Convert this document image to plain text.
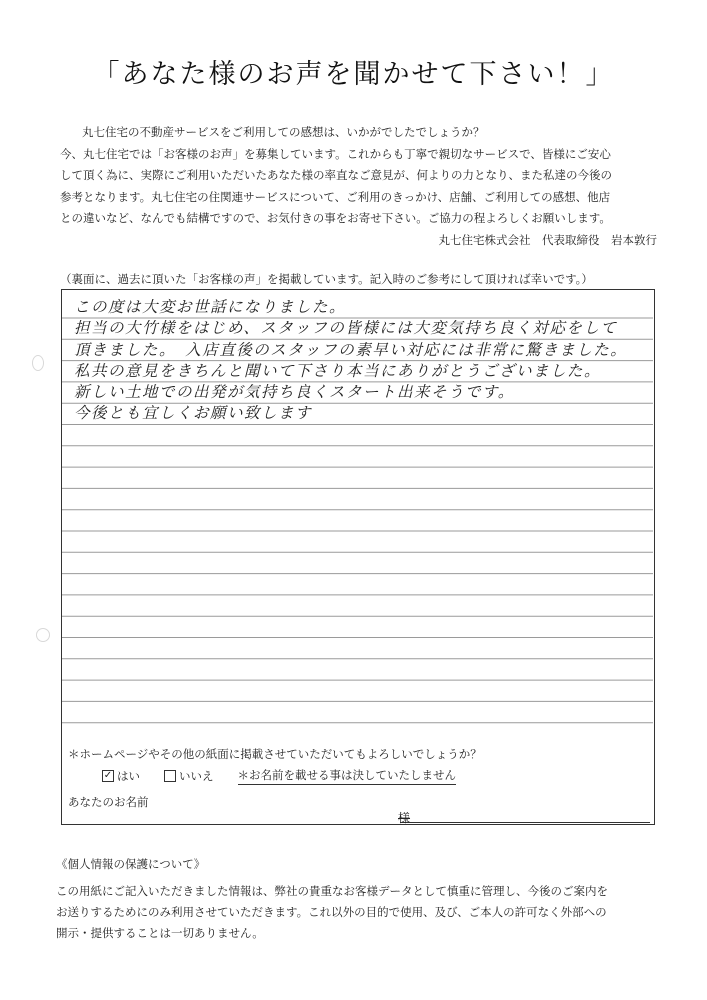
「あなた様のお声を聞かせて下さい！」
丸七住宅の不動産サービスをご利用しての感想は、いかがでしたでしょうか？
今、丸七住宅では「お客様のお声」を募集しています。これからも丁寧で親切なサービスで、皆様にご安心
して頂く為に、実際にご利用いただいたあなた様の率直なご意見が、何よりの力となり、また私達の今後の
参考となります。丸七住宅の住関連サービスについて、ご利用のきっかけ、店舗、ご利用しての感想、他店
との違いなど、なんでも結構ですので、お気付きの事をお寄せ下さい。ご協力の程よろしくお願いします。
丸七住宅株式会社　代表取締役　岩本敦行
（裏面に、過去に頂いた「お客様の声」を掲載しています。記入時のご参考にして頂ければ幸いです。）
この度は大変お世話になりました。
担当の大竹様をはじめ、スタッフの皆様には大変気持ち良く対応をして
頂きました。　入店直後のスタッフの素早い対応には非常に驚きました。
私共の意見をきちんと聞いて下さり本当にありがとうございました。
新しい土地での出発が気持ち良くスタート出来そうです。
今後とも宜しくお願い致します
＊ホームページやその他の紙面に掲載させていただいてもよろしいでしょうか？
✓ はい	いいえ ＊お名前を載せる事は決していたしません
あなたのお名前
様
《個人情報の保護について》
この用紙にご記入いただきました情報は、弊社の貴重なお客様データとして慎重に管理し、今後のご案内を
お送りするためにのみ利用させていただきます。これ以外の目的で使用、及び、ご本人の許可なく外部への
開示・提供することは一切ありません。
